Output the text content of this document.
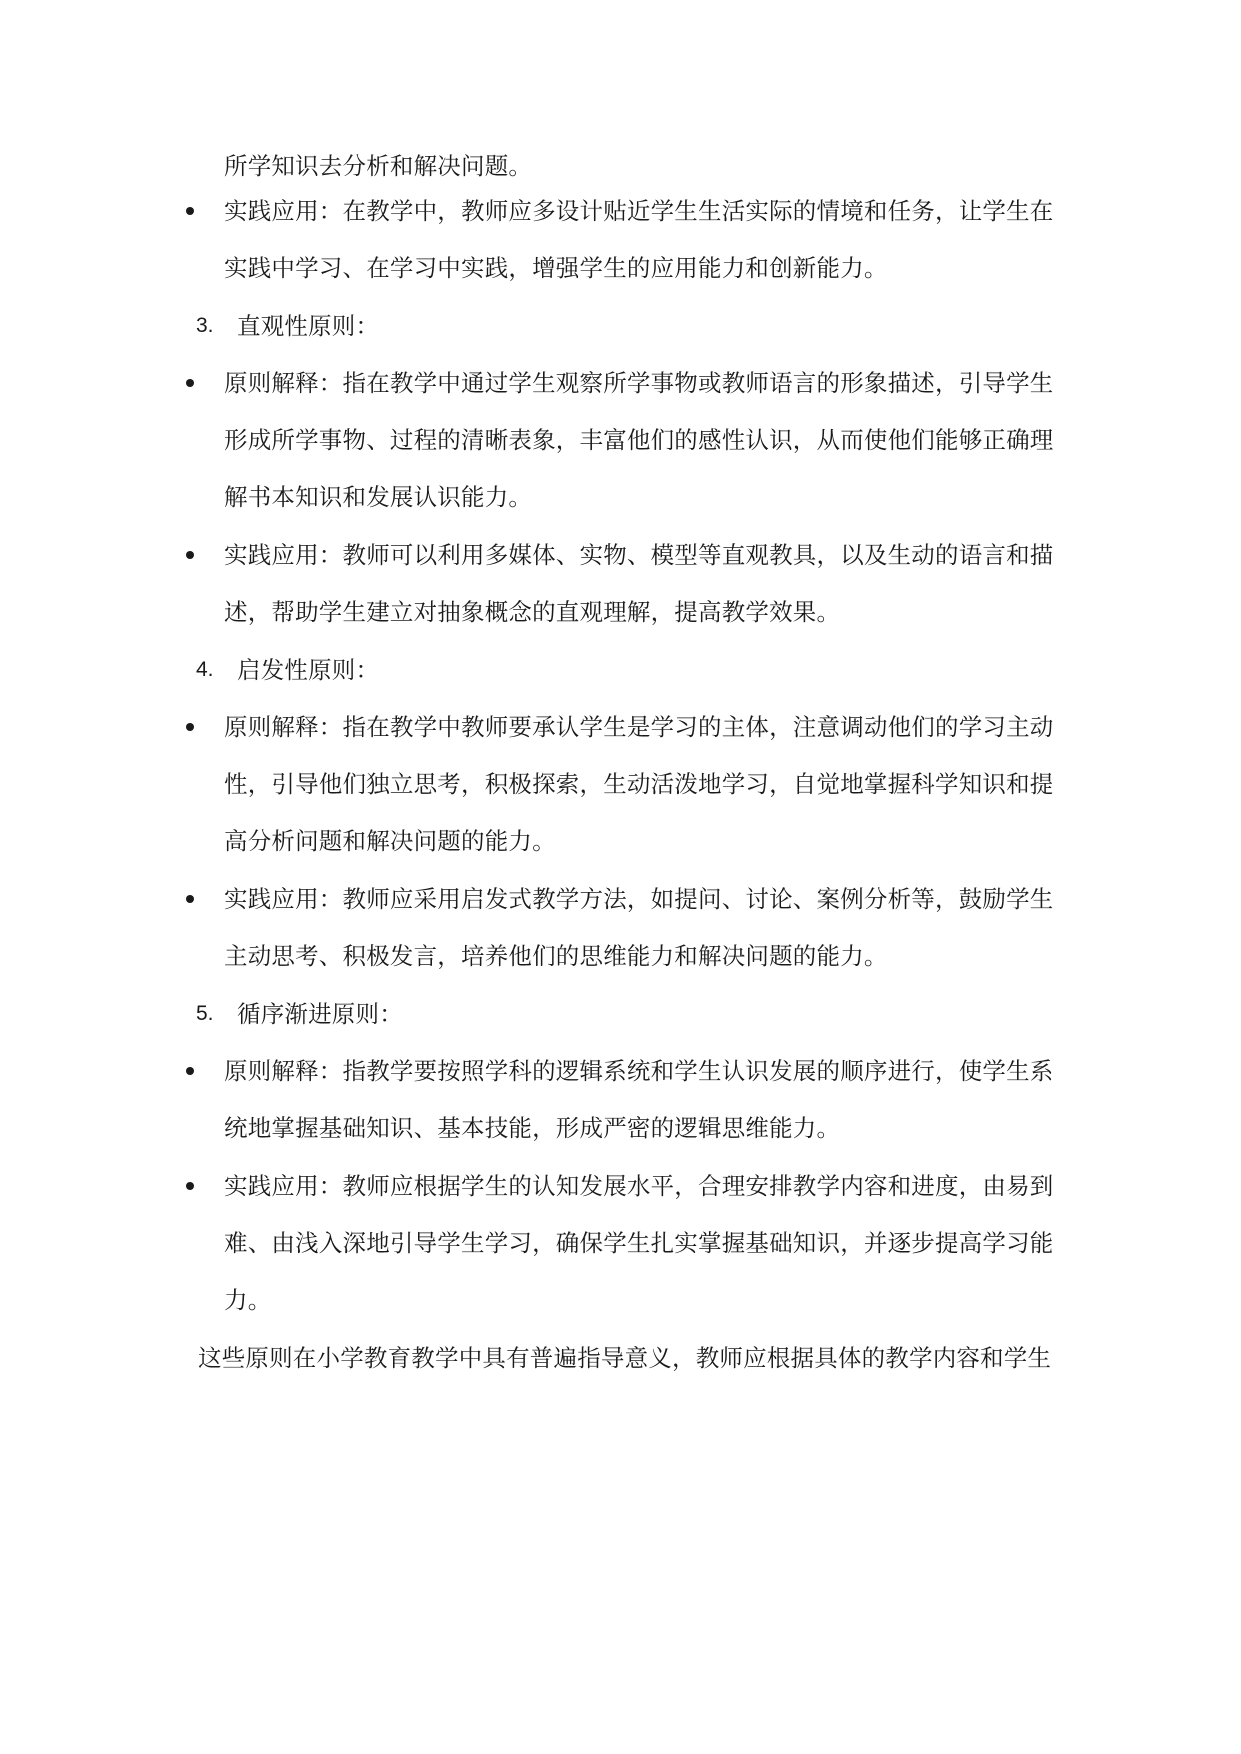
所学知识去分析和解决问题。
实践应用：在教学中，教师应多设计贴近学生生活实际的情境和任务，让学生在
实践中学习、在学习中实践，增强学生的应用能力和创新能力。
3. 直观性原则：
原则解释：指在教学中通过学生观察所学事物或教师语言的形象描述，引导学生
形成所学事物、过程的清晰表象，丰富他们的感性认识，从而使他们能够正确理
解书本知识和发展认识能力。
实践应用：教师可以利用多媒体、实物、模型等直观教具，以及生动的语言和描
述，帮助学生建立对抽象概念的直观理解，提高教学效果。
4. 启发性原则：
原则解释：指在教学中教师要承认学生是学习的主体，注意调动他们的学习主动
性，引导他们独立思考，积极探索，生动活泼地学习，自觉地掌握科学知识和提
高分析问题和解决问题的能力。
实践应用：教师应采用启发式教学方法，如提问、讨论、案例分析等，鼓励学生
主动思考、积极发言，培养他们的思维能力和解决问题的能力。
5. 循序渐进原则：
原则解释：指教学要按照学科的逻辑系统和学生认识发展的顺序进行，使学生系
统地掌握基础知识、基本技能，形成严密的逻辑思维能力。
实践应用：教师应根据学生的认知发展水平，合理安排教学内容和进度，由易到
难、由浅入深地引导学生学习，确保学生扎实掌握基础知识，并逐步提高学习能
力。
这些原则在小学教育教学中具有普遍指导意义，教师应根据具体的教学内容和学生
